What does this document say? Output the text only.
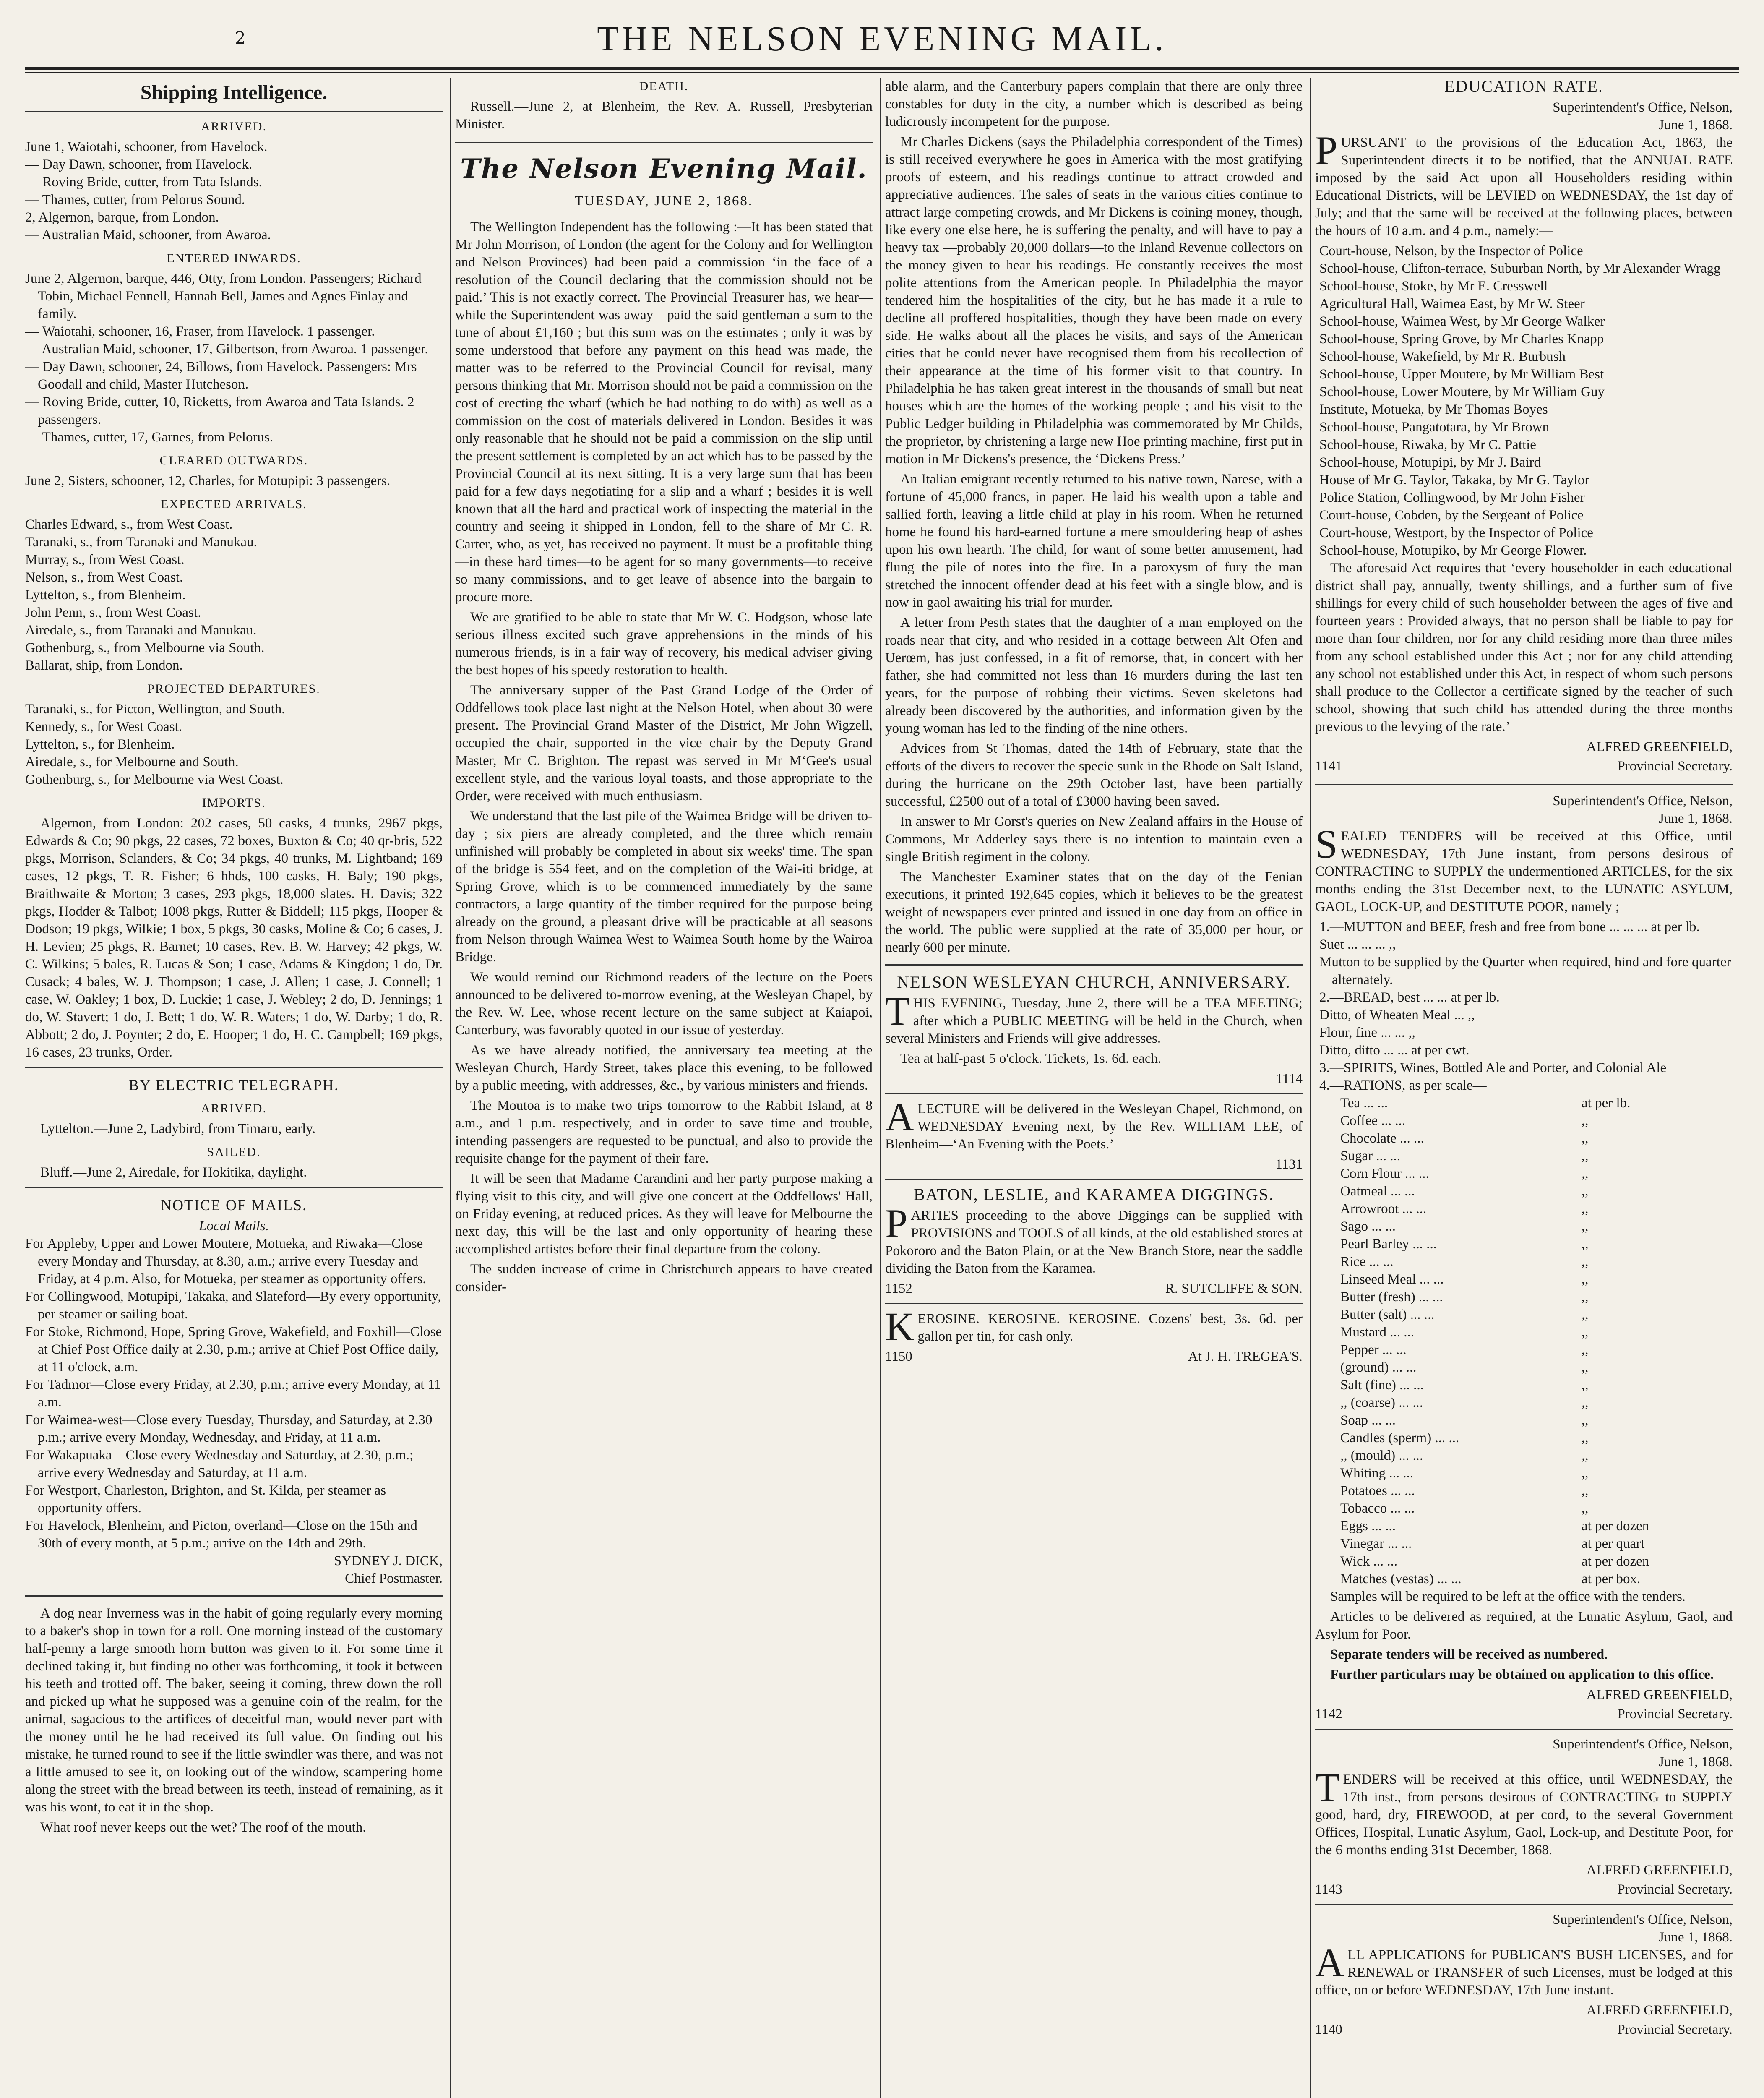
2	THE NELSON EVENING MAIL.
Shipping Intelligence.
ARRIVED.

June 1, Waiotahi, schooner, from Havelock.

— Day Dawn, schooner, from Havelock.

— Roving Bride, cutter, from Tata Islands.

— Thames, cutter, from Pelorus Sound.

2, Algernon, barque, from London.

— Australian Maid, schooner, from Awaroa.

ENTERED INWARDS.

June 2, Algernon, barque, 446, Otty, from London. Passengers; Richard Tobin, Michael Fennell, Hannah Bell, James and Agnes Finlay and family.

— Waiotahi, schooner, 16, Fraser, from Havelock. 1 passenger.

— Australian Maid, schooner, 17, Gilbertson, from Awaroa. 1 passenger.

— Day Dawn, schooner, 24, Billows, from Havelock. Passengers: Mrs Goodall and child, Master Hutcheson.

— Roving Bride, cutter, 10, Ricketts, from Awaroa and Tata Islands. 2 passengers.

— Thames, cutter, 17, Garnes, from Pelorus.

CLEARED OUTWARDS.

June 2, Sisters, schooner, 12, Charles, for Motupipi: 3 passengers.

EXPECTED ARRIVALS.

Charles Edward, s., from West Coast.

Taranaki, s., from Taranaki and Manukau.

Murray, s., from West Coast.

Nelson, s., from West Coast.

Lyttelton, s., from Blenheim.

John Penn, s., from West Coast.

Airedale, s., from Taranaki and Manukau.

Gothenburg, s., from Melbourne via South.

Ballarat, ship, from London.

PROJECTED DEPARTURES.

Taranaki, s., for Picton, Wellington, and South.

Kennedy, s., for West Coast.

Lyttelton, s., for Blenheim.

Airedale, s., for Melbourne and South.

Gothenburg, s., for Melbourne via West Coast.

IMPORTS.

Algernon, from London: 202 cases, 50 casks, 4 trunks, 2967 pkgs, Edwards & Co; 90 pkgs, 22 cases, 72 boxes, Buxton & Co; 40 qr-bris, 522 pkgs, Morrison, Sclanders, & Co; 34 pkgs, 40 trunks, M. Lightband; 169 cases, 12 pkgs, T. R. Fisher; 6 hhds, 100 casks, H. Baly; 190 pkgs, Braithwaite & Morton; 3 cases, 293 pkgs, 18,000 slates. H. Davis; 322 pkgs, Hodder & Talbot; 1008 pkgs, Rutter & Biddell; 115 pkgs, Hooper & Dodson; 19 pkgs, Wilkie; 1 box, 5 pkgs, 30 casks, Moline & Co; 6 cases, J. H. Levien; 25 pkgs, R. Barnet; 10 cases, Rev. B. W. Harvey; 42 pkgs, W. C. Wilkins; 5 bales, R. Lucas & Son; 1 case, Adams & Kingdon; 1 do, Dr. Cusack; 4 bales, W. J. Thompson; 1 case, J. Allen; 1 case, J. Connell; 1 case, W. Oakley; 1 box, D. Luckie; 1 case, J. Webley; 2 do, D. Jennings; 1 do, W. Stavert; 1 do, J. Bett; 1 do, W. R. Waters; 1 do, W. Darby; 1 do, R. Abbott; 2 do, J. Poynter; 2 do, E. Hooper; 1 do, H. C. Campbell; 169 pkgs, 16 cases, 23 trunks, Order.

BY ELECTRIC TELEGRAPH.
ARRIVED.

Lyttelton.—June 2, Ladybird, from Timaru, early.

SAILED.

Bluff.—June 2, Airedale, for Hokitika, daylight.

NOTICE OF MAILS.
Local Mails.

For Appleby, Upper and Lower Moutere, Motueka, and Riwaka—Close every Monday and Thursday, at 8.30, a.m.; arrive every Tuesday and Friday, at 4 p.m. Also, for Motueka, per steamer as opportunity offers.

For Collingwood, Motupipi, Takaka, and Slateford—By every opportunity, per steamer or sailing boat.

For Stoke, Richmond, Hope, Spring Grove, Wakefield, and Foxhill—Close at Chief Post Office daily at 2.30, p.m.; arrive at Chief Post Office daily, at 11 o'clock, a.m.

For Tadmor—Close every Friday, at 2.30, p.m.; arrive every Monday, at 11 a.m.

For Waimea-west—Close every Tuesday, Thursday, and Saturday, at 2.30 p.m.; arrive every Monday, Wednesday, and Friday, at 11 a.m.

For Wakapuaka—Close every Wednesday and Saturday, at 2.30, p.m.; arrive every Wednesday and Saturday, at 11 a.m.

For Westport, Charleston, Brighton, and St. Kilda, per steamer as opportunity offers.

For Havelock, Blenheim, and Picton, overland—Close on the 15th and 30th of every month, at 5 p.m.; arrive on the 14th and 29th.

SYDNEY J. DICK,

Chief Postmaster.

A dog near Inverness was in the habit of going regularly every morning to a baker's shop in town for a roll. One morning instead of the customary half-penny a large smooth horn button was given to it. For some time it declined taking it, but finding no other was forthcoming, it took it between his teeth and trotted off. The baker, seeing it coming, threw down the roll and picked up what he supposed was a genuine coin of the realm, for the animal, sagacious to the artifices of deceitful man, would never part with the money until he he had received its full value. On finding out his mistake, he turned round to see if the little swindler was there, and was not a little amused to see it, on looking out of the window, scampering home along the street with the bread between its teeth, instead of remaining, as it was his wont, to eat it in the shop.

What roof never keeps out the wet? The roof of the mouth.

DEATH.

Russell.—June 2, at Blenheim, the Rev. A. Russell, Presbyterian Minister.

The Nelson Evening Mail.
TUESDAY, JUNE 2, 1868.

The Wellington Independent has the following :—It has been stated that Mr John Morrison, of London (the agent for the Colony and for Wellington and Nelson Provinces) had been paid a commission ‘in the face of a resolution of the Council declaring that the commission should not be paid.’ This is not exactly correct. The Provincial Treasurer has, we hear—while the Superintendent was away—paid the said gentleman a sum to the tune of about £1,160 ; but this sum was on the estimates ; only it was by some understood that before any payment on this head was made, the matter was to be referred to the Provincial Council for revisal, many persons thinking that Mr. Morrison should not be paid a commission on the cost of erecting the wharf (which he had nothing to do with) as well as a commission on the cost of materials delivered in London. Besides it was only reasonable that he should not be paid a commission on the slip until the present settlement is completed by an act which has to be passed by the Provincial Council at its next sitting. It is a very large sum that has been paid for a few days negotiating for a slip and a wharf ; besides it is well known that all the hard and practical work of inspecting the material in the country and seeing it shipped in London, fell to the share of Mr C. R. Carter, who, as yet, has received no payment. It must be a profitable thing—in these hard times—to be agent for so many governments—to receive so many commissions, and to get leave of absence into the bargain to procure more.

We are gratified to be able to state that Mr W. C. Hodgson, whose late serious illness excited such grave apprehensions in the minds of his numerous friends, is in a fair way of recovery, his medical adviser giving the best hopes of his speedy restoration to health.

The anniversary supper of the Past Grand Lodge of the Order of Oddfellows took place last night at the Nelson Hotel, when about 30 were present. The Provincial Grand Master of the District, Mr John Wigzell, occupied the chair, supported in the vice chair by the Deputy Grand Master, Mr C. Brighton. The repast was served in Mr M‘Gee's usual excellent style, and the various loyal toasts, and those appropriate to the Order, were received with much enthusiasm.

We understand that the last pile of the Waimea Bridge will be driven to-day ; six piers are already completed, and the three which remain unfinished will probably be completed in about six weeks' time. The span of the bridge is 554 feet, and on the completion of the Wai-iti bridge, at Spring Grove, which is to be commenced immediately by the same contractors, a large quantity of the timber required for the purpose being already on the ground, a pleasant drive will be practicable at all seasons from Nelson through Waimea West to Waimea South home by the Wairoa Bridge.

We would remind our Richmond readers of the lecture on the Poets announced to be delivered to-morrow evening, at the Wesleyan Chapel, by the Rev. W. Lee, whose recent lecture on the same subject at Kaiapoi, Canterbury, was favorably quoted in our issue of yesterday.

As we have already notified, the anniversary tea meeting at the Wesleyan Church, Hardy Street, takes place this evening, to be followed by a public meeting, with addresses, &c., by various ministers and friends.

The Moutoa is to make two trips tomorrow to the Rabbit Island, at 8 a.m., and 1 p.m. respectively, and in order to save time and trouble, intending passengers are requested to be punctual, and also to provide the requisite change for the payment of their fare.

It will be seen that Madame Carandini and her party purpose making a flying visit to this city, and will give one concert at the Oddfellows' Hall, on Friday evening, at reduced prices. As they will leave for Melbourne the next day, this will be the last and only opportunity of hearing these accomplished artistes before their final departure from the colony.

The sudden increase of crime in Christchurch appears to have created consider-

able alarm, and the Canterbury papers complain that there are only three constables for duty in the city, a number which is described as being ludicrously incompetent for the purpose.

Mr Charles Dickens (says the Philadelphia correspondent of the Times) is still received everywhere he goes in America with the most gratifying proofs of esteem, and his readings continue to attract crowded and appreciative audiences. The sales of seats in the various cities continue to attract large competing crowds, and Mr Dickens is coining money, though, like every one else here, he is suffering the penalty, and will have to pay a heavy tax —probably 20,000 dollars—to the Inland Revenue collectors on the money given to hear his readings. He constantly receives the most polite attentions from the American people. In Philadelphia the mayor tendered him the hospitalities of the city, but he has made it a rule to decline all proffered hospitalities, though they have been made on every side. He walks about all the places he visits, and says of the American cities that he could never have recognised them from his recollection of their appearance at the time of his former visit to that country. In Philadelphia he has taken great interest in the thousands of small but neat houses which are the homes of the working people ; and his visit to the Public Ledger building in Philadelphia was commemorated by Mr Childs, the proprietor, by christening a large new Hoe printing machine, first put in motion in Mr Dickens's presence, the ‘Dickens Press.’

An Italian emigrant recently returned to his native town, Narese, with a fortune of 45,000 francs, in paper. He laid his wealth upon a table and sallied forth, leaving a little child at play in his room. When he returned home he found his hard-earned fortune a mere smouldering heap of ashes upon his own hearth. The child, for want of some better amusement, had flung the pile of notes into the fire. In a paroxysm of fury the man stretched the innocent offender dead at his feet with a single blow, and is now in gaol awaiting his trial for murder.

A letter from Pesth states that the daughter of a man employed on the roads near that city, and who resided in a cottage between Alt Ofen and Uerœm, has just confessed, in a fit of remorse, that, in concert with her father, she had committed not less than 16 murders during the last ten years, for the purpose of robbing their victims. Seven skeletons had already been discovered by the authorities, and information given by the young woman has led to the finding of the nine others.

Advices from St Thomas, dated the 14th of February, state that the efforts of the divers to recover the specie sunk in the Rhode on Salt Island, during the hurricane on the 29th October last, have been partially successful, £2500 out of a total of £3000 having been saved.

In answer to Mr Gorst's queries on New Zealand affairs in the House of Commons, Mr Adderley says there is no intention to maintain even a single British regiment in the colony.

The Manchester Examiner states that on the day of the Fenian executions, it printed 192,645 copies, which it believes to be the greatest weight of newspapers ever printed and issued in one day from an office in the world. The public were supplied at the rate of 35,000 per hour, or nearly 600 per minute.

NELSON WESLEYAN CHURCH, ANNIVERSARY.

THIS EVENING, Tuesday, June 2, there will be a TEA MEETING; after which a PUBLIC MEETING will be held in the Church, when several Ministers and Friends will give addresses.

Tea at half-past 5 o'clock. Tickets, 1s. 6d. each.

1114

ALECTURE will be delivered in the Wesleyan Chapel, Richmond, on WEDNESDAY Evening next, by the Rev. WILLIAM LEE, of Blenheim—‘An Evening with the Poets.’

1131

BATON, LESLIE, and KARAMEA DIGGINGS.

PARTIES proceeding to the above Diggings can be supplied with PROVISIONS and TOOLS of all kinds, at the old established stores at Pokororo and the Baton Plain, or at the New Branch Store, near the saddle dividing the Baton from the Karamea.

1152	R. SUTCLIFFE & SON.

KEROSINE. KEROSINE. KEROSINE. Cozens' best, 3s. 6d. per gallon per tin, for cash only.

1150	At J. H. TREGEA'S.
EDUCATION RATE.

Superintendent's Office, Nelson,

June 1, 1868.

PURSUANT to the provisions of the Education Act, 1863, the Superintendent directs it to be notified, that the ANNUAL RATE imposed by the said Act upon all Householders residing within Educational Districts, will be LEVIED on WEDNESDAY, the 1st day of July; and that the same will be received at the following places, between the hours of 10 a.m. and 4 p.m., namely:—

Court-house, Nelson, by the Inspector of Police

School-house, Clifton-terrace, Suburban North, by Mr Alexander Wragg

School-house, Stoke, by Mr E. Cresswell

Agricultural Hall, Waimea East, by Mr W. Steer

School-house, Waimea West, by Mr George Walker

School-house, Spring Grove, by Mr Charles Knapp

School-house, Wakefield, by Mr R. Burbush

School-house, Upper Moutere, by Mr William Best

School-house, Lower Moutere, by Mr William Guy

Institute, Motueka, by Mr Thomas Boyes

School-house, Pangatotara, by Mr Brown

School-house, Riwaka, by Mr C. Pattie

School-house, Motupipi, by Mr J. Baird

House of Mr G. Taylor, Takaka, by Mr G. Taylor

Police Station, Collingwood, by Mr John Fisher

Court-house, Cobden, by the Sergeant of Police

Court-house, Westport, by the Inspector of Police

School-house, Motupiko, by Mr George Flower.

The aforesaid Act requires that ‘every householder in each educational district shall pay, annually, twenty shillings, and a further sum of five shillings for every child of such householder between the ages of five and fourteen years : Provided always, that no person shall be liable to pay for more than four children, nor for any child residing more than three miles from any school established under this Act ; nor for any child attending any school not established under this Act, in respect of whom such persons shall produce to the Collector a certificate signed by the teacher of such school, showing that such child has attended during the three months previous to the levying of the rate.’

ALFRED GREENFIELD,

1141	Provincial Secretary.

Superintendent's Office, Nelson,

June 1, 1868.

SEALED TENDERS will be received at this Office, until WEDNESDAY, 17th June instant, from persons desirous of CONTRACTING to SUPPLY the undermentioned ARTICLES, for the six months ending the 31st December next, to the LUNATIC ASYLUM, GAOL, LOCK-UP, and DESTITUTE POOR, namely ;

1.—MUTTON and BEEF, fresh and free from bone ... ... ... at per lb.

Suet ... ... ... ,,

Mutton to be supplied by the Quarter when required, hind and fore quarter alternately.

2.—BREAD, best ... ... at per lb.

Ditto, of Wheaten Meal ... ,,

Flour, fine ... ... ,,

Ditto, ditto ... ... at per cwt.

3.—SPIRITS, Wines, Bottled Ale and Porter, and Colonial Ale

4.—RATIONS, as per scale—

Tea ... ...	at per lb.

Coffee ... ...	,,

Chocolate ... ...	,,

Sugar ... ...	,,

Corn Flour ... ...	,,

Oatmeal ... ...	,,

Arrowroot ... ...	,,

Sago ... ...	,,

Pearl Barley ... ...	,,

Rice ... ...	,,

Linseed Meal ... ...	,,

Butter (fresh) ... ...	,,

Butter (salt) ... ...	,,

Mustard ... ...	,,

Pepper ... ...	,,

(ground) ... ...	,,

Salt (fine) ... ...	,,

,, (coarse) ... ...	,,

Soap ... ...	,,

Candles (sperm) ... ...	,,

,, (mould) ... ...	,,

Whiting ... ...	,,

Potatoes ... ...	,,

Tobacco ... ...	,,

Eggs ... ...	at per dozen

Vinegar ... ...	at per quart

Wick ... ...	at per dozen

Matches (vestas) ... ...	at per box.

Samples will be required to be left at the office with the tenders.

Articles to be delivered as required, at the Lunatic Asylum, Gaol, and Asylum for Poor.

Separate tenders will be received as numbered.

Further particulars may be obtained on application to this office.

ALFRED GREENFIELD,

1142	Provincial Secretary.

Superintendent's Office, Nelson,

June 1, 1868.

TENDERS will be received at this office, until WEDNESDAY, the 17th inst., from persons desirous of CONTRACTING to SUPPLY good, hard, dry, FIREWOOD, at per cord, to the several Government Offices, Hospital, Lunatic Asylum, Gaol, Lock-up, and Destitute Poor, for the 6 months ending 31st December, 1868.

ALFRED GREENFIELD,

1143	Provincial Secretary.

Superintendent's Office, Nelson,

June 1, 1868.

ALL APPLICATIONS for PUBLICAN'S BUSH LICENSES, and for RENEWAL or TRANSFER of such Licenses, must be lodged at this office, on or before WEDNESDAY, 17th June instant.

ALFRED GREENFIELD,

1140	Provincial Secretary.
